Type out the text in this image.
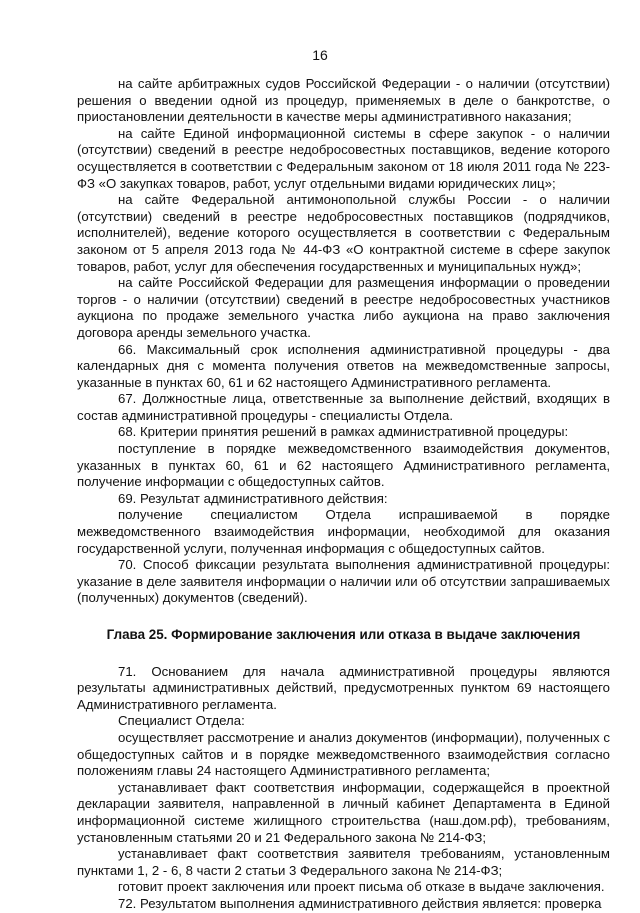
16

на сайте арбитражных судов Российской Федерации - о наличии (отсутствии) решения о введении одной из процедур, применяемых в деле о банкротстве, о приостановлении деятельности в качестве меры административного наказания;

на сайте Единой информационной системы в сфере закупок - о наличии (отсутствии) сведений в реестре недобросовестных поставщиков, ведение которого осуществляется в соответствии с Федеральным законом от 18 июля 2011 года № 223-ФЗ «О закупках товаров, работ, услуг отдельными видами юридических лиц»;

на сайте Федеральной антимонопольной службы России - о наличии (отсутствии) сведений в реестре недобросовестных поставщиков (подрядчиков, исполнителей), ведение которого осуществляется в соответствии с Федеральным законом от 5 апреля 2013 года № 44-ФЗ «О контрактной системе в сфере закупок товаров, работ, услуг для обеспечения государственных и муниципальных нужд»;

на сайте Российской Федерации для размещения информации о проведении торгов - о наличии (отсутствии) сведений в реестре недобросовестных участников аукциона по продаже земельного участка либо аукциона на право заключения договора аренды земельного участка.

66. Максимальный срок исполнения административной процедуры - два календарных дня с момента получения ответов на межведомственные запросы, указанные в пунктах 60, 61 и 62 настоящего Административного регламента.

67. Должностные лица, ответственные за выполнение действий, входящих в состав административной процедуры - специалисты Отдела.

68. Критерии принятия решений в рамках административной процедуры:

поступление в порядке межведомственного взаимодействия документов, указанных в пунктах 60, 61 и 62 настоящего Административного регламента, получение информации с общедоступных сайтов.

69. Результат административного действия:

получение специалистом Отдела испрашиваемой в порядке межведомственного взаимодействия информации, необходимой для оказания государственной услуги, полученная информация с общедоступных сайтов.

70. Способ фиксации результата выполнения административной процедуры: указание в деле заявителя информации о наличии или об отсутствии запрашиваемых (полученных) документов (сведений).

Глава 25. Формирование заключения или отказа в выдаче заключения

71. Основанием для начала административной процедуры являются результаты административных действий, предусмотренных пунктом 69 настоящего Административного регламента.

Специалист Отдела:

осуществляет рассмотрение и анализ документов (информации), полученных с общедоступных сайтов и в порядке межведомственного взаимодействия согласно положениям главы 24 настоящего Административного регламента;

устанавливает факт соответствия информации, содержащейся в проектной декларации заявителя, направленной в личный кабинет Департамента в Единой информационной системе жилищного строительства (наш.дом.рф), требованиям, установленным статьями 20 и 21 Федерального закона № 214-ФЗ;

устанавливает факт соответствия заявителя требованиям, установленным пунктами 1, 2 - 6, 8 части 2 статьи 3 Федерального закона № 214-ФЗ;

готовит проект заключения или проект письма об отказе в выдаче заключения.

72. Результатом выполнения административного действия является: проверка
